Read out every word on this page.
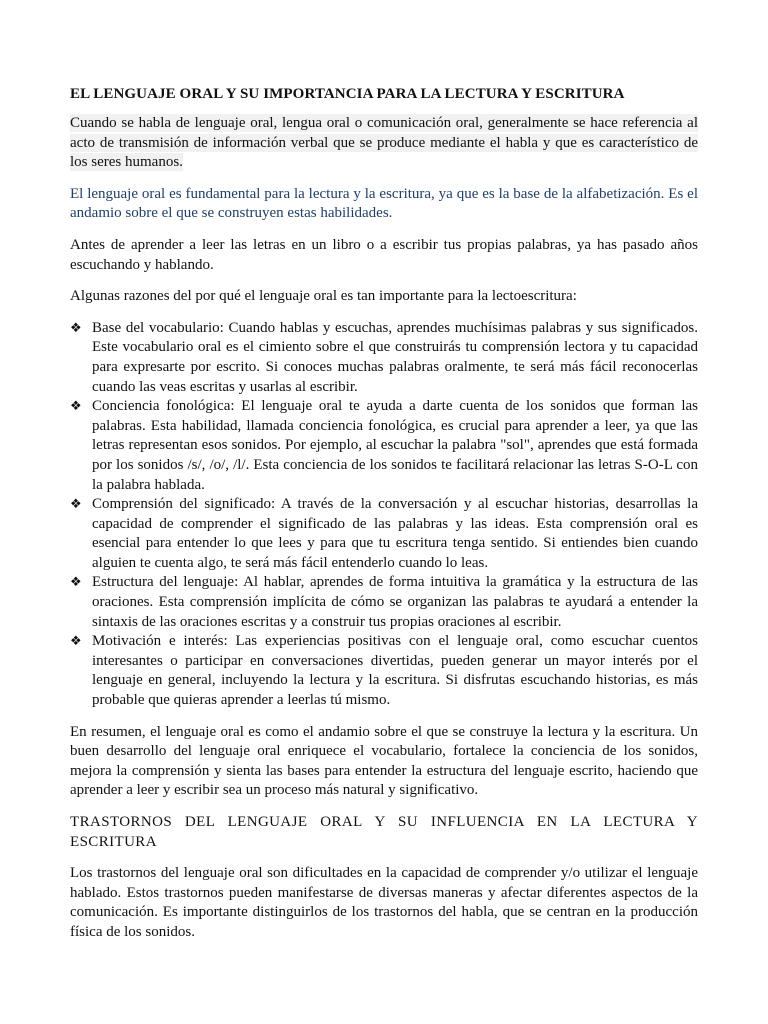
EL LENGUAJE ORAL Y SU IMPORTANCIA PARA LA LECTURA Y ESCRITURA

Cuando se habla de lenguaje oral, lengua oral o comunicación oral, generalmente se hace referencia al acto de transmisión de información verbal que se produce mediante el habla y que es característico de los seres humanos.

El lenguaje oral es fundamental para la lectura y la escritura, ya que es la base de la alfabetización. Es el andamio sobre el que se construyen estas habilidades.

Antes de aprender a leer las letras en un libro o a escribir tus propias palabras, ya has pasado años escuchando y hablando.

Algunas razones del por qué el lenguaje oral es tan importante para la lectoescritura:

❖ Base del vocabulario: Cuando hablas y escuchas, aprendes muchísimas palabras y sus significados. Este vocabulario oral es el cimiento sobre el que construirás tu comprensión lectora y tu capacidad para expresarte por escrito. Si conoces muchas palabras oralmente, te será más fácil reconocerlas cuando las veas escritas y usarlas al escribir.
❖ Conciencia fonológica: El lenguaje oral te ayuda a darte cuenta de los sonidos que forman las palabras. Esta habilidad, llamada conciencia fonológica, es crucial para aprender a leer, ya que las letras representan esos sonidos. Por ejemplo, al escuchar la palabra "sol", aprendes que está formada por los sonidos /s/, /o/, /l/. Esta conciencia de los sonidos te facilitará relacionar las letras S-O-L con la palabra hablada.
❖ Comprensión del significado: A través de la conversación y al escuchar historias, desarrollas la capacidad de comprender el significado de las palabras y las ideas. Esta comprensión oral es esencial para entender lo que lees y para que tu escritura tenga sentido. Si entiendes bien cuando alguien te cuenta algo, te será más fácil entenderlo cuando lo leas.
❖ Estructura del lenguaje: Al hablar, aprendes de forma intuitiva la gramática y la estructura de las oraciones. Esta comprensión implícita de cómo se organizan las palabras te ayudará a entender la sintaxis de las oraciones escritas y a construir tus propias oraciones al escribir.
❖ Motivación e interés: Las experiencias positivas con el lenguaje oral, como escuchar cuentos interesantes o participar en conversaciones divertidas, pueden generar un mayor interés por el lenguaje en general, incluyendo la lectura y la escritura. Si disfrutas escuchando historias, es más probable que quieras aprender a leerlas tú mismo.

En resumen, el lenguaje oral es como el andamio sobre el que se construye la lectura y la escritura. Un buen desarrollo del lenguaje oral enriquece el vocabulario, fortalece la conciencia de los sonidos, mejora la comprensión y sienta las bases para entender la estructura del lenguaje escrito, haciendo que aprender a leer y escribir sea un proceso más natural y significativo.

TRASTORNOS DEL LENGUAJE ORAL Y SU INFLUENCIA EN LA LECTURA Y ESCRITURA

Los trastornos del lenguaje oral son dificultades en la capacidad de comprender y/o utilizar el lenguaje hablado. Estos trastornos pueden manifestarse de diversas maneras y afectar diferentes aspectos de la comunicación. Es importante distinguirlos de los trastornos del habla, que se centran en la producción física de los sonidos.
